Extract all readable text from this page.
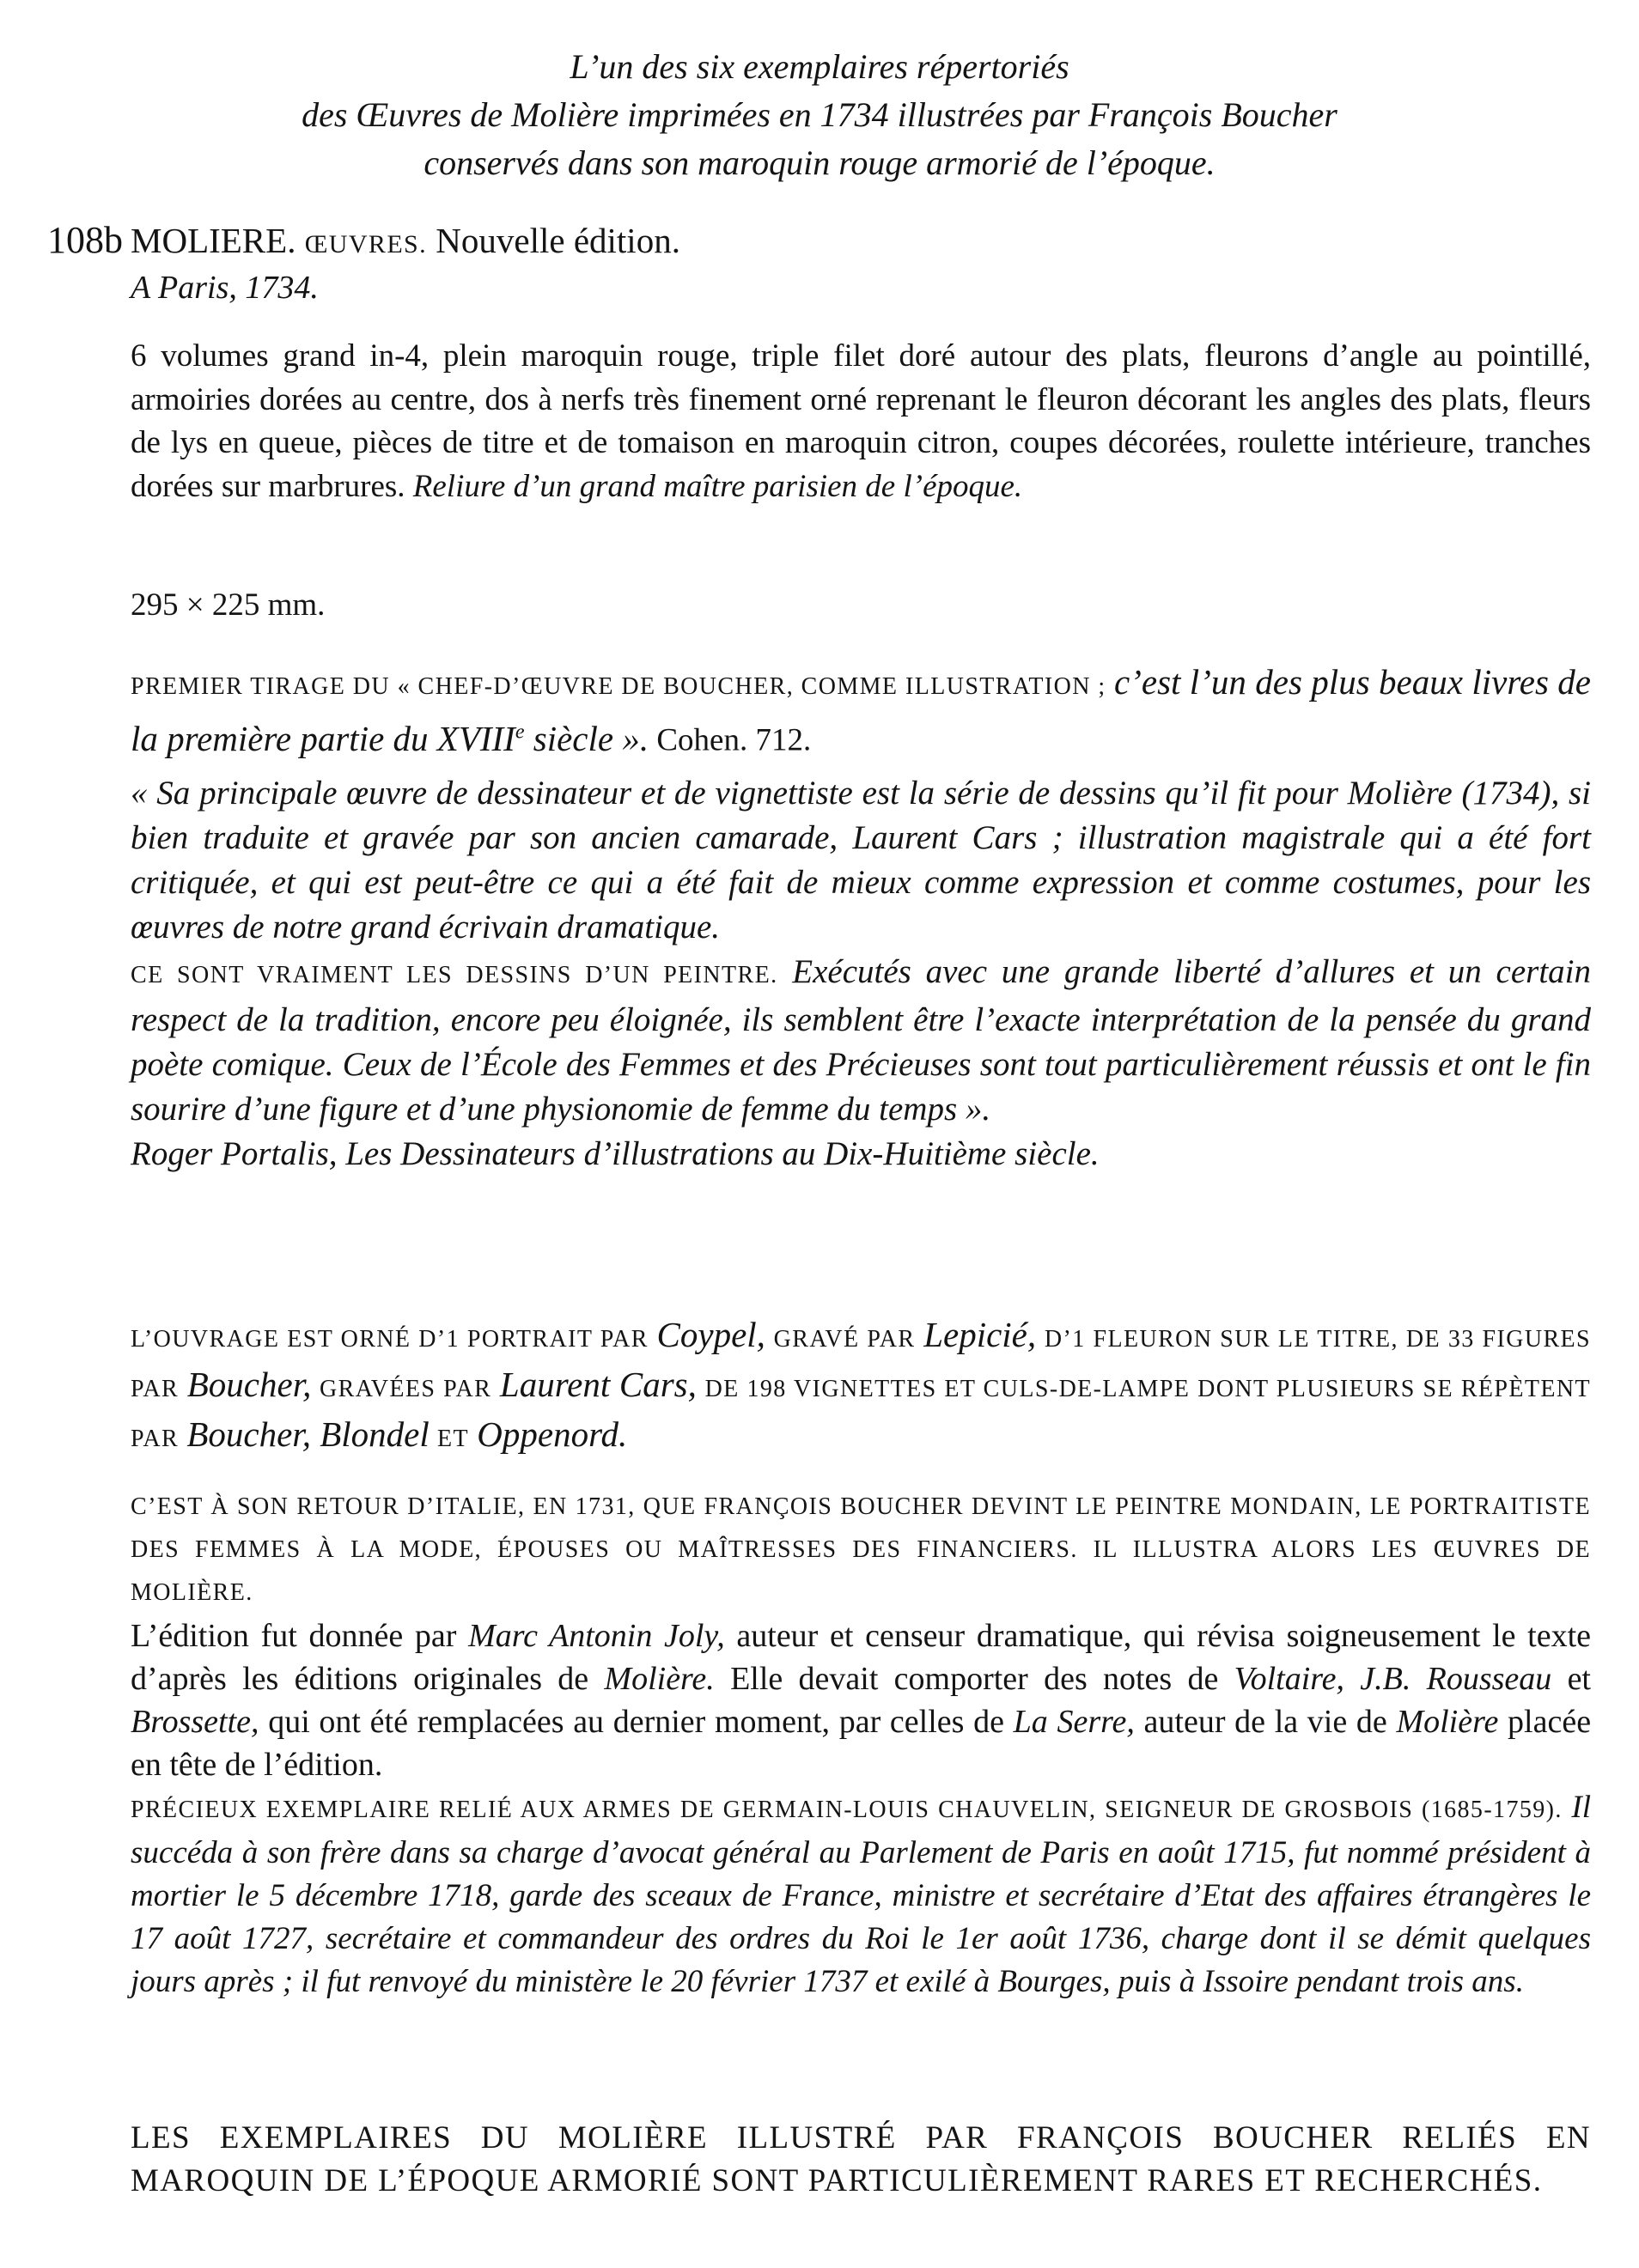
L’un des six exemplaires répertoriés
des Œuvres de Molière imprimées en 1734 illustrées par François Boucher
conservés dans son maroquin rouge armorié de l’époque.
108b MOLIERE. ŒUVRES. Nouvelle édition.
A Paris, 1734.
6 volumes grand in-4, plein maroquin rouge, triple filet doré autour des plats, fleurons d’angle au pointillé, armoiries dorées au centre, dos à nerfs très finement orné reprenant le fleuron décorant les angles des plats, fleurs de lys en queue, pièces de titre et de tomaison en maroquin citron, coupes décorées, roulette intérieure, tranches dorées sur marbrures. Reliure d’un grand maître parisien de l’époque.
295 × 225 mm.
PREMIER TIRAGE DU « CHEF-D’ŒUVRE DE BOUCHER, COMME ILLUSTRATION ; c’est l’un des plus beaux livres de la première partie du XVIIIe siècle ». Cohen. 712.
« Sa principale œuvre de dessinateur et de vignettiste est la série de dessins qu’il fit pour Molière (1734), si bien traduite et gravée par son ancien camarade, Laurent Cars ; illustration magistrale qui a été fort critiquée, et qui est peut-être ce qui a été fait de mieux comme expression et comme costumes, pour les œuvres de notre grand écrivain dramatique.
CE SONT VRAIMENT LES DESSINS D’UN PEINTRE. Exécutés avec une grande liberté d’allures et un certain respect de la tradition, encore peu éloignée, ils semblent être l’exacte interprétation de la pensée du grand poète comique. Ceux de l’École des Femmes et des Précieuses sont tout particulièrement réussis et ont le fin sourire d’une figure et d’une physionomie de femme du temps ».
Roger Portalis, Les Dessinateurs d’illustrations au Dix-Huitième siècle.
L’OUVRAGE EST ORNÉ D’1 PORTRAIT PAR Coypel, GRAVÉ PAR Lepicié, D’1 FLEURON SUR LE TITRE, DE 33 FIGURES PAR Boucher, GRAVÉES PAR Laurent Cars, DE 198 VIGNETTES ET CULS-DE-LAMPE DONT PLUSIEURS SE RÉPÈTENT PAR Boucher, Blondel ET Oppenord.
C’EST À SON RETOUR D’ITALIE, EN 1731, QUE FRANÇOIS BOUCHER DEVINT LE PEINTRE MONDAIN, LE PORTRAITISTE DES FEMMES À LA MODE, ÉPOUSES OU MAÎTRESSES DES FINANCIERS. IL ILLUSTRA ALORS LES ŒUVRES DE MOLIÈRE.
L’édition fut donnée par Marc Antonin Joly, auteur et censeur dramatique, qui révisa soigneusement le texte d’après les éditions originales de Molière. Elle devait comporter des notes de Voltaire, J.B. Rousseau et Brossette, qui ont été remplacées au dernier moment, par celles de La Serre, auteur de la vie de Molière placée en tête de l’édition.
PRÉCIEUX EXEMPLAIRE RELIÉ AUX ARMES DE GERMAIN-LOUIS CHAUVELIN, SEIGNEUR DE GROSBOIS (1685-1759). Il succéda à son frère dans sa charge d’avocat général au Parlement de Paris en août 1715, fut nommé président à mortier le 5 décembre 1718, garde des sceaux de France, ministre et secrétaire d’Etat des affaires étrangères le 17 août 1727, secrétaire et commandeur des ordres du Roi le 1er août 1736, charge dont il se démit quelques jours après ; il fut renvoyé du ministère le 20 février 1737 et exilé à Bourges, puis à Issoire pendant trois ans.
LES EXEMPLAIRES DU MOLIÈRE ILLUSTRÉ PAR FRANÇOIS BOUCHER RELIÉS EN MAROQUIN DE L’ÉPOQUE ARMORIÉ SONT PARTICULIÈREMENT RARES ET RECHERCHÉS.
